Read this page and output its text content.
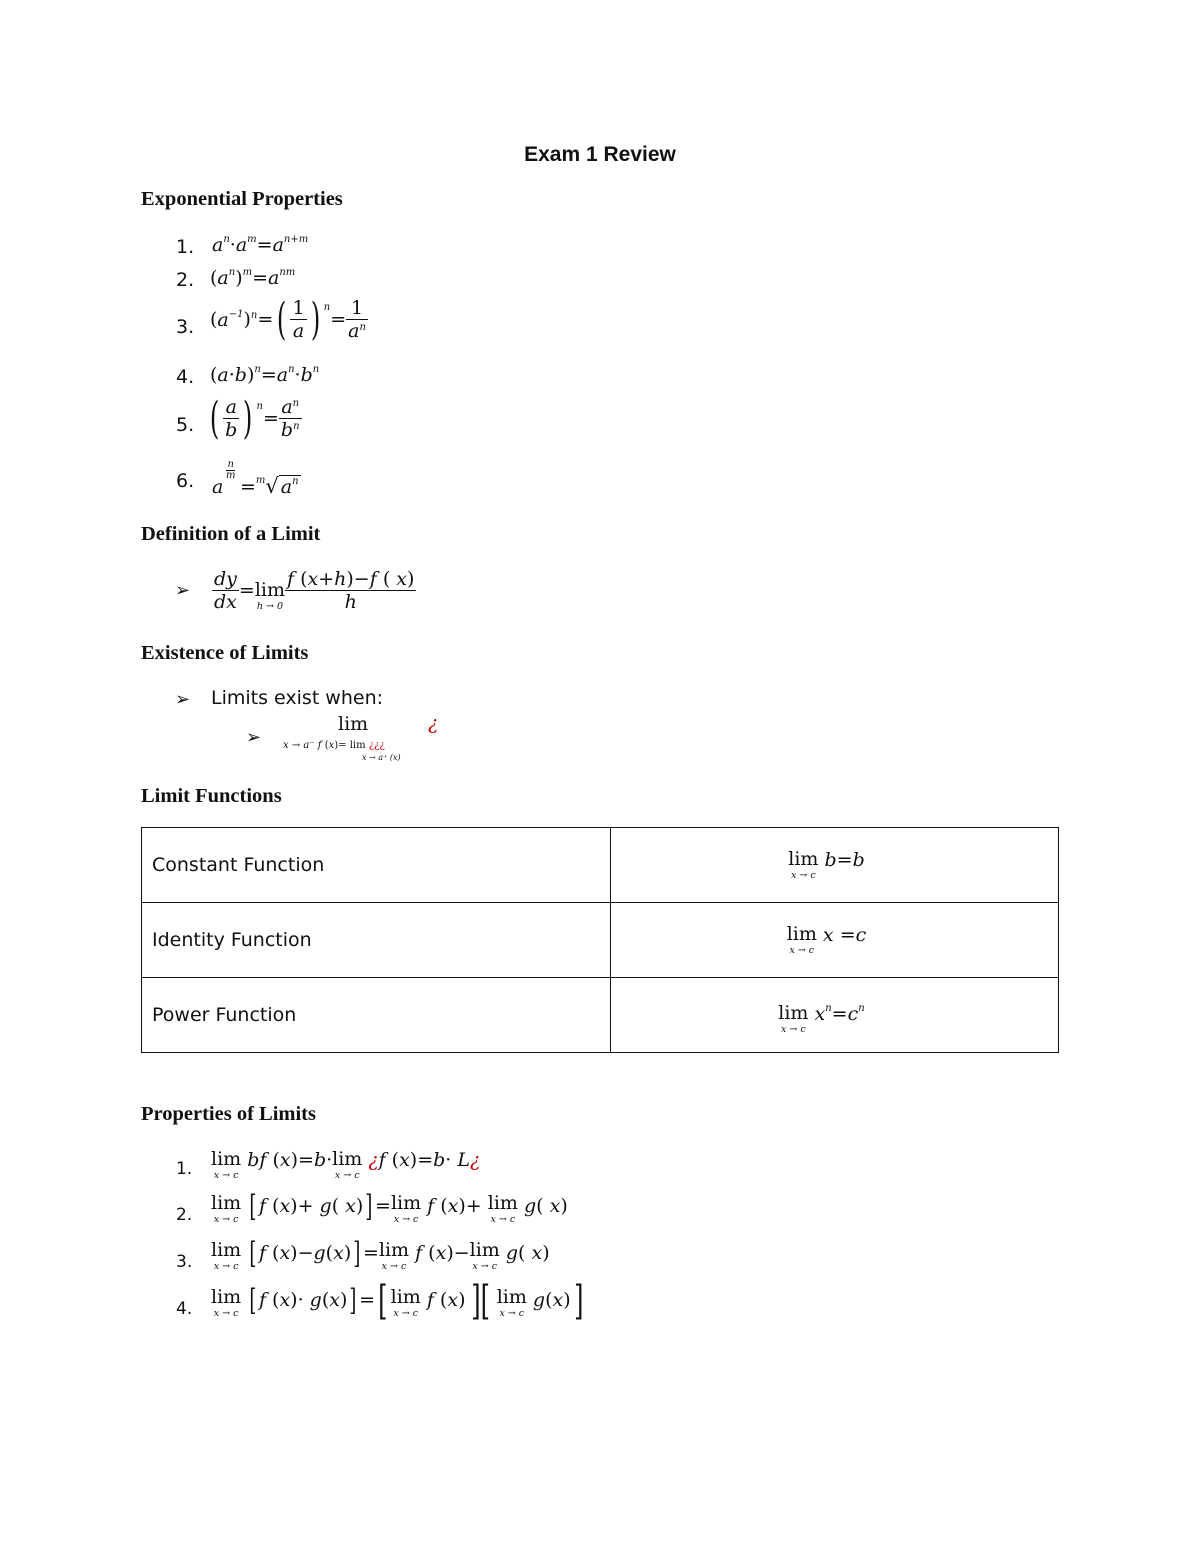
Exam 1 Review
Exponential Properties
1. $a^n\cdot a^m=a^{n+m}$
2. $(a^n)^m=a^{nm}$
3. $(a^{-1})^n=( \frac{1}{a}$ ) $^n= \frac{1}{a^n}$
4. $(a\cdot b)^n=a^n\cdot b^n$
5. ( $\frac{a}{b}$ ) $^n= \frac{a^n}{b^n}$
6. a
n
m
=$^m$√ $a^n$
Definition of a Limit
➢ $\frac{dy}{dx} =\lim$
$h \to 0 \frac{f (x+h)-f ( x)}{h}$
Existence of Limits
➢ Limits exist when:
➢
lim	¿
x → a⁻ f (x)= lim ¿¿¿
x → a⁺ (x)
Limit Functions
Constant Function	lim
x → c
b=b
Identity Function	lim
x → c
x =c
Power Function	lim
x → c
$x^n=c^n$
Properties of Limits
1. lim
x → c
bf (x)=b·lim
x → c
¿f (x)=b· L¿
2.
lim
x → c [ f (x)+ g( x)] =lim
x → c
f (x)+ lim
x → c
g( x)
3.
lim
x → c [ f (x)−g(x)] =lim
x → c
f (x)−lim
x → c
g( x)
4.
lim
x → c [ f (x)· g(x)] =[ lim
x → c
f (x) ][ lim
x → c
g(x)]
